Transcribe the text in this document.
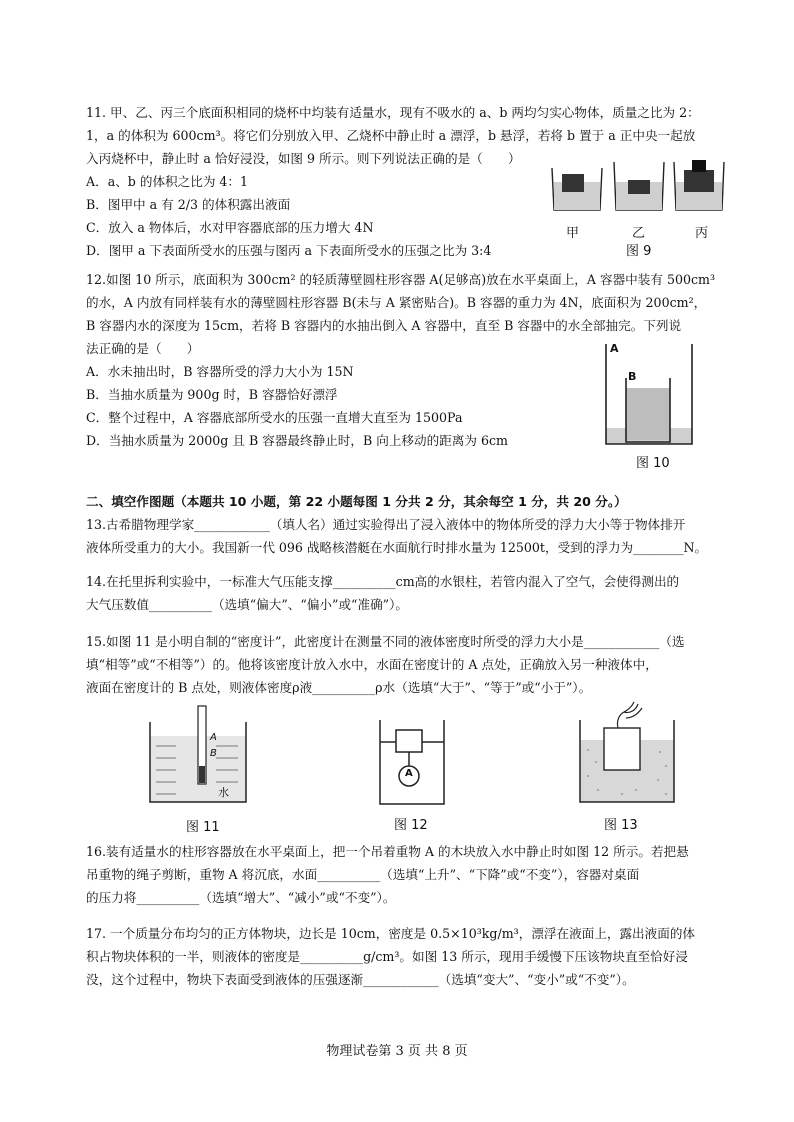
11. 甲、乙、丙三个底面积相同的烧杯中均装有适量水，现有不吸水的 a、b 两均匀实心物体，质量之比为 2：
1，a 的体积为 600cm³。将它们分别放入甲、乙烧杯中静止时 a 漂浮，b 悬浮，若将 b 置于 a 正中央一起放
入丙烧杯中，静止时 a 恰好浸没，如图 9 所示。则下列说法正确的是（　　）
A．a、b 的体积之比为 4：1
B．图甲中 a 有 2/3 的体积露出液面
C．放入 a 物体后，水对甲容器底部的压力增大 4N
D．图甲 a 下表面所受水的压强与图丙 a 下表面所受水的压强之比为 3:4
甲	乙	丙
图 9
12.如图 10 所示，底面积为 300cm² 的轻质薄壁圆柱形容器 A(足够高)放在水平桌面上，A 容器中装有 500cm³
的水，A 内放有同样装有水的薄壁圆柱形容器 B(未与 A 紧密贴合)。B 容器的重力为 4N，底面积为 200cm²，
B 容器内水的深度为 15cm，若将 B 容器内的水抽出倒入 A 容器中，直至 B 容器中的水全部抽完。下列说
法正确的是（　　）
A．水未抽出时，B 容器所受的浮力大小为 15N
B．当抽水质量为 900g 时，B 容器恰好漂浮
C．整个过程中，A 容器底部所受水的压强一直增大直至为 1500Pa
D．当抽水质量为 2000g 且 B 容器最终静止时，B 向上移动的距离为 6cm
A
B
图 10
二、填空作图题（本题共 10 小题，第 22 小题每图 1 分共 2 分，其余每空 1 分，共 20 分。）
13.古希腊物理学家____________（填人名）通过实验得出了浸入液体中的物体所受的浮力大小等于物体排开
液体所受重力的大小。我国新一代 096 战略核潜艇在水面航行时排水量为 12500t，受到的浮力为________N。
14.在托里拆利实验中，一标准大气压能支撑__________cm高的水银柱，若管内混入了空气，会使得测出的
大气压数值__________（选填“偏大”、“偏小”或“准确”）。
15.如图 11 是小明自制的“密度计”，此密度计在测量不同的液体密度时所受的浮力大小是____________（选
填“相等”或“不相等”）的。他将该密度计放入水中，水面在密度计的 A 点处，正确放入另一种液体中，
液面在密度计的 B 点处，则液体密度ρ液__________ρ水（选填“大于”、“等于”或“小于”）。
A
B
水
图 11
A
图 12	图 13
16.装有适量水的柱形容器放在水平桌面上，把一个吊着重物 A 的木块放入水中静止时如图 12 所示。若把悬
吊重物的绳子剪断，重物 A 将沉底，水面__________（选填“上升”、“下降”或“不变”），容器对桌面
的压力将__________（选填“增大”、“减小”或“不变”）。
17. 一个质量分布均匀的正方体物块，边长是 10cm，密度是 0.5×10³kg/m³，漂浮在液面上，露出液面的体
积占物块体积的一半，则液体的密度是__________g/cm³。如图 13 所示，现用手缓慢下压该物块直至恰好浸
没，这个过程中，物块下表面受到液体的压强逐渐____________（选填“变大”、“变小”或“不变”）。
物理试卷第 3 页 共 8 页
